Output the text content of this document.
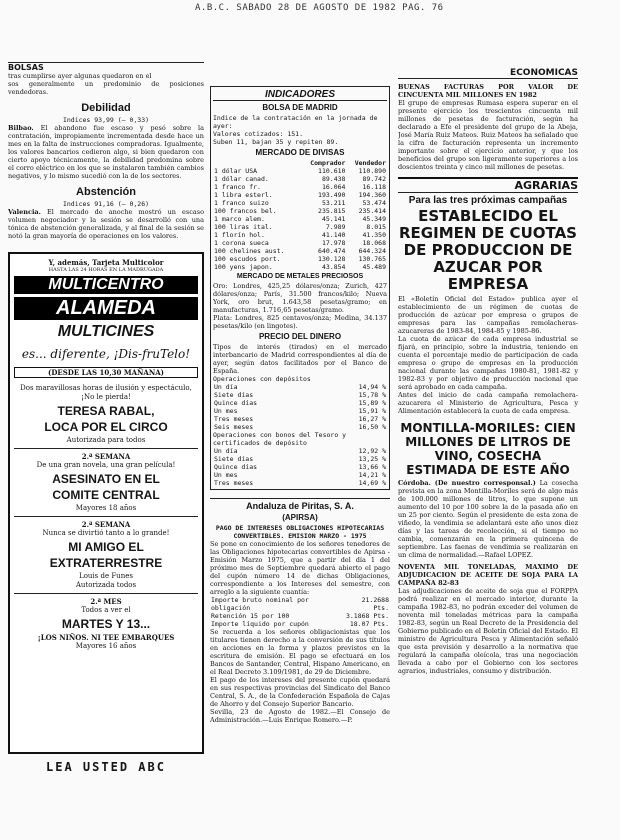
A.B.C. SABADO 28 DE AGOSTO DE 1982 PAG. 76
BOLSAS

tras cumplirse ayer algunas quedaron en el

sos generalmente un predominio de posiciones vendedoras.

Debilidad
Indices 93,99 (— 0,33)

Bilbao. El abandono fue escaso y pesó sobre la contratación, impropiamente incrementada desde hace un mes en la falta de instrucciones compradoras. Igualmente, los valores bancarios cedieron algo, si bien quedaron con cierto apoyo técnicamente, la debilidad predomina sobre el corro eléctrico en los que se instalaron también cambios negativos, y lo mismo sucedió con la de los sectores.

Abstención
Indices 91,16 (— 0,26)

Valencia. El mercado de anoche mostró un escaso volumen negociador y la sesión se desarrolló con una tónica de abstención generalizada, y al final de la sesión se notó la gran mayoría de operaciones en los valores.

Y, además, Tarjeta Multicolor
HASTA LAS 24 HORAS EN LA MADRUGADA
MULTICENTRO
ALAMEDA
MULTICINES
es... diferente, ¡Dis-fruTelo!
(DESDE LAS 10,30 MAÑANA)
Dos maravillosas horas de ilusión y espectáculo, ¡No le pierda!
TERESA RABAL,
LOCA POR EL CIRCO
Autorizada para todos
2.ª SEMANA
De una gran novela, una gran película!
ASESINATO EN EL
COMITE CENTRAL
Mayores 18 años
2.ª SEMANA
Nunca se divirtió tanto a lo grande!
MI AMIGO EL
EXTRATERRESTRE
Louis de Funes
Autorizada todos
2.ª MES
Todos a ver el
MARTES Y 13...
¡LOS NIÑOS. NI TEE EMBARQUES
Mayores 16 años
LEA USTED ABC
INDICADORES
BOLSA DE MADRID
Indice de la contratación en la jornada de ayer:
Valores cotizados: 151.
Suben 11, bajan 35 y repiten 89.
MERCADO DE DIVISAS
	Comprador	Vendedor
1 dólar USA	110.610	110.890
1 dólar canad.	89.438	89.742
1 franco fr.	16.064	16.118
1 libra esterl.	193.490	194.360
1 franco suizo	53.211	53.474
100 francos bel.	235.815	235.414
1 marco alem.	45.141	45.349
100 liras ital.	7.989	8.015
1 florín hol.	41.140	41.350
1 corona sueca	17.978	18.068
100 chelines aust.	640.474	644.324
100 escudos port.	130.128	130.765
100 yens japon.	43.854	45.489
MERCADO DE METALES PRECIOSOS

Oro: Londres, 425,25 dólares/onza; Zurich, 427 dólares/onza; París, 31.500 francos/kilo; Nueva York, oro brut, 1.643,58 pesetas/gramo; en manufacturas, 1.716,65 pesetas/gramo.

Plata: Londres, 825 centavos/onza; Medina, 34.137 pesetas/kilo (en lingotes).

PRECIO DEL DINERO

Tipos de interés (tirados) en el mercado interbancario de Madrid correspondientes al día de ayer, según datos facilitados por el Banco de España.

Operaciones con depósitos
Un día	14,94 %
Siete días	15,78 %
Quince días	15,89 %
Un mes	15,91 %
Tres meses	16,27 %
Seis meses	16,50 %
Operaciones con bonos del Tesoro y certificados de depósito
Un día	12,92 %
Siete días	13,25 %
Quince días	13,66 %
Un mes	14,21 %
Tres meses	14,69 %
Andaluza de Piritas, S. A.
(APIRSA)
PAGO DE INTERESES OBLIGACIONES HIPOTECARIAS CONVERTIBLES. EMISION MARZO - 1975

Se pone en conocimiento de los señores tenedores de las Obligaciones hipotecarias convertibles de Apirsa - Emisión Marzo 1975, que a partir del día 1 del próximo mes de Septiembre quedará abierto el pago del cupón número 14 de dichas Obligaciones, correspondiente a los Intereses del semestre, con arreglo a la siguiente cuantía:

Importe bruto nominal por obligación	21.2688 Pts.
Retención 15 por 100	3.1868 Pts.
Importe líquido por cupón	18.07 Pts.

Se recuerda a los señores obligacionistas que los titulares tienen derecho a la conversión de sus títulos en acciones en la forma y plazos previstos en la escritura de emisión. El pago se efectuará en los Bancos de Santander, Central, Hispano Americano, en el Real Decreto 3.109/1981, de 29 de Diciembre.

El pago de los intereses del presente cupón quedará en sus respectivas provincias del Sindicato del Banco Central, S. A., de la Confederación Española de Cajas de Ahorro y del Consejo Superior Bancario.

Sevilla, 23 de Agosto de 1982.—El Consejo de Administración.—Luis Enrique Romero.—P.

ECONOMICAS

BUENAS FACTURAS POR VALOR DE CINCUENTA MIL MILLONES EN 1982

El grupo de empresas Rumasa espera superar en el presente ejercicio los trescientos cincuenta mil millones de pesetas de facturación, según ha declarado a Efe el presidente del grupo de la Abeja, José María Ruiz Mateos. Ruiz Mateos ha señalado que la cifra de facturación representa un incremento importante sobre el ejercicio anterior, y que los beneficios del grupo son ligeramente superiores a los doscientos treinta y cinco mil millones de pesetas.

AGRARIAS
Para las tres próximas campañas
ESTABLECIDO EL REGIMEN DE CUOTAS DE PRODUCCION DE AZUCAR POR EMPRESA

El «Boletín Oficial del Estado» publica ayer el establecimiento de un régimen de cuotas de producción de azúcar por empresa o grupos de empresas para las campañas remolacheras-azucareras de 1983-84, 1984-85 y 1985-86.

La cuota de azúcar de cada empresa industrial se fijará, en principio, sobre la industria, teniendo en cuenta el porcentaje medio de participación de cada empresa o grupo de empresas en la producción nacional durante las campañas 1980-81, 1981-82 y 1982-83 y por objetivo de producción nacional que será aprobado en cada campaña.

Antes del inicio de cada campaña remolachera-azucarera el Ministerio de Agricultura, Pesca y Alimentación establecerá la cuota de cada empresa.

MONTILLA-MORILES: CIEN MILLONES DE LITROS DE VINO, COSECHA ESTIMADA DE ESTE AÑO

Córdoba. (De nuestro corresponsal.) La cosecha prevista en la zona Montilla-Moriles será de algo más de 100.000 millones de litros, lo que supone un aumento del 10 por 100 sobre la de la pasada año en un 25 por ciento. Según el presidente de esta zona de viñedo, la vendimia se adelantará este año unos diez días y las tareas de recolección, si el tiempo no cambia, comenzarán en la primera quincena de septiembre. Las faenas de vendimia se realizarán en un clima de normalidad.—Rafael LOPEZ.

NOVENTA MIL TONELADAS, MAXIMO DE ADJUDICACION DE ACEITE DE SOJA PARA LA CAMPAÑA 82-83

Las adjudicaciones de aceite de soja que el FORPPA podrá realizar en el mercado interior, durante la campaña 1982-83, no podrán exceder del volumen de noventa mil toneladas métricas para la campaña 1982-83, según un Real Decreto de la Presidencia del Gobierno publicado en el Boletín Oficial del Estado. El ministro de Agricultura Pesca y Alimentación señaló que esta previsión y desarrollo a la normativa que regulará la campaña oleícola, tras una negociación llevada a cabo por el Gobierno con los sectores agrarios, industriales, consumo y distribución.
